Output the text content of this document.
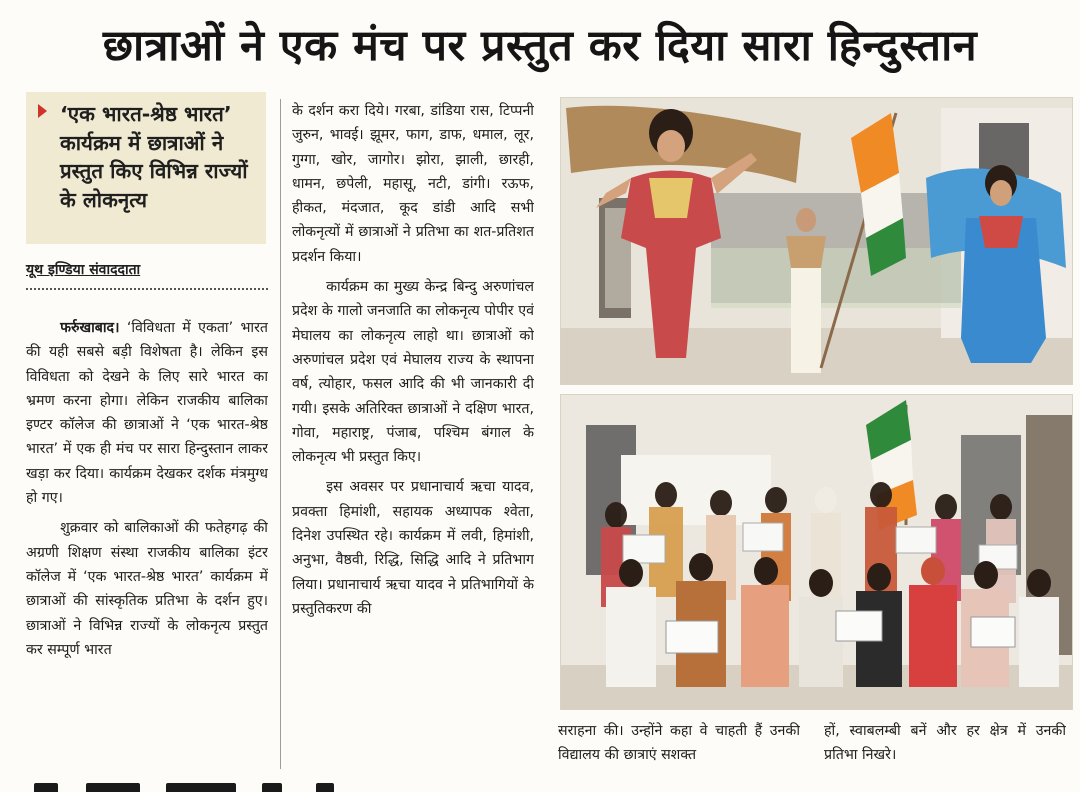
छात्राओं ने एक मंच पर प्रस्तुत कर दिया सारा हिन्दुस्तान

‘एक भारत-श्रेष्ठ भारत’ कार्यक्रम में छात्राओं ने प्रस्तुत किए विभिन्न राज्यों के लोकनृत्य

यूथ इण्डिया संवाददाता

फर्रुखाबाद। ‘विविधता में एकता’ भारत की यही सबसे बड़ी विशेषता है। लेकिन इस विविधता को देखने के लिए सारे भारत का भ्रमण करना होगा। लेकिन राजकीय बालिका इण्टर कॉलेज की छात्राओं ने ‘एक भारत-श्रेष्ठ भारत’ में एक ही मंच पर सारा हिन्दुस्तान लाकर खड़ा कर दिया। कार्यक्रम देखकर दर्शक मंत्रमुग्ध हो गए।

शुक्रवार को बालिकाओं की फतेहगढ़ की अग्रणी शिक्षण संस्था राजकीय बालिका इंटर कॉलेज में ‘एक भारत-श्रेष्ठ भारत’ कार्यक्रम में छात्राओं की सांस्कृतिक प्रतिभा के दर्शन हुए। छात्राओं ने विभिन्न राज्यों के लोकनृत्य प्रस्तुत कर सम्पूर्ण भारत

के दर्शन करा दिये। गरबा, डांडिया रास, टिप्पनी जुरुन, भावई। झूमर, फाग, डाफ, धमाल, लूर, गुग्गा, खोर, जागोर। झोरा, झाली, छारही, धामन, छपेली, महासू, नटी, डांगी। रऊफ, हीकत, मंदजात, कूद डांडी आदि सभी लोकनृत्यों में छात्राओं ने प्रतिभा का शत-प्रतिशत प्रदर्शन किया।

कार्यक्रम का मुख्य केन्द्र बिन्दु अरुणांचल प्रदेश के गालो जनजाति का लोकनृत्य पोपीर एवं मेघालय का लोकनृत्य लाहो था। छात्राओं को अरुणांचल प्रदेश एवं मेघालय राज्य के स्थापना वर्ष, त्योहार, फसल आदि की भी जानकारी दी गयी। इसके अतिरिक्त छात्राओं ने दक्षिण भारत, गोवा, महाराष्ट्र, पंजाब, पश्चिम बंगाल के लोकनृत्य भी प्रस्तुत किए।

इस अवसर पर प्रधानाचार्य ऋचा यादव, प्रवक्ता हिमांशी, सहायक अध्यापक श्वेता, दिनेश उपस्थित रहे। कार्यक्रम में लवी, हिमांशी, अनुभा, वैष्ठवी, रिद्धि, सिद्धि आदि ने प्रतिभाग लिया। प्रधानाचार्य ऋचा यादव ने प्रतिभागियों के प्रस्तुतिकरण की

सराहना की। उन्होंने कहा वे चाहती हैं उनकी विद्यालय की छात्राएं सशक्त

हों, स्वाबलम्बी बनें और हर क्षेत्र में उनकी प्रतिभा निखरे।
